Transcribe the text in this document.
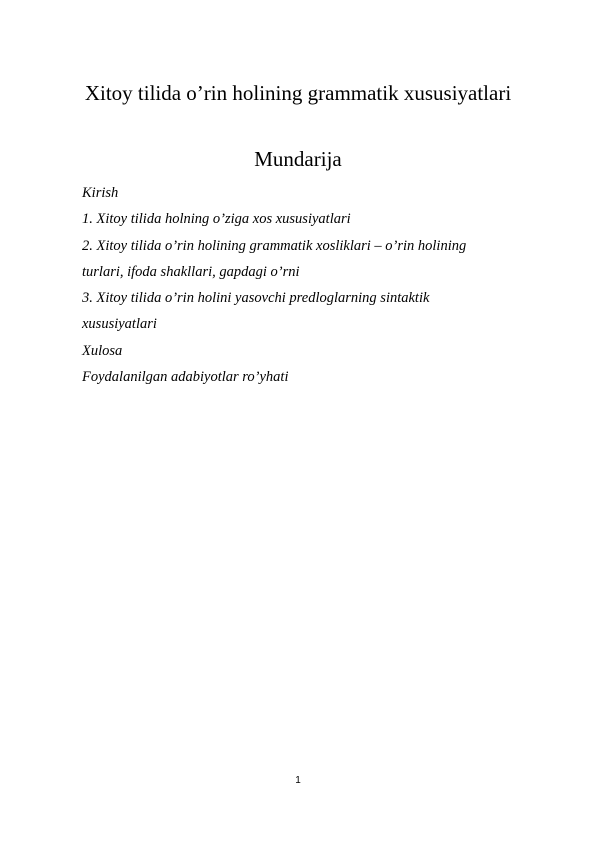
Xitoy tilida o’rin holining grammatik xususiyatlari
Mundarija
Kirish
1. Xitoy tilida holning o’ziga xos xususiyatlari
2. Xitoy tilida o’rin holining grammatik xosliklari – o’rin holining
turlari, ifoda shakllari, gapdagi o’rni
3. Xitoy tilida o’rin holini yasovchi predloglarning sintaktik
xususiyatlari
Xulosa
Foydalanilgan adabiyotlar ro’yhati
1
